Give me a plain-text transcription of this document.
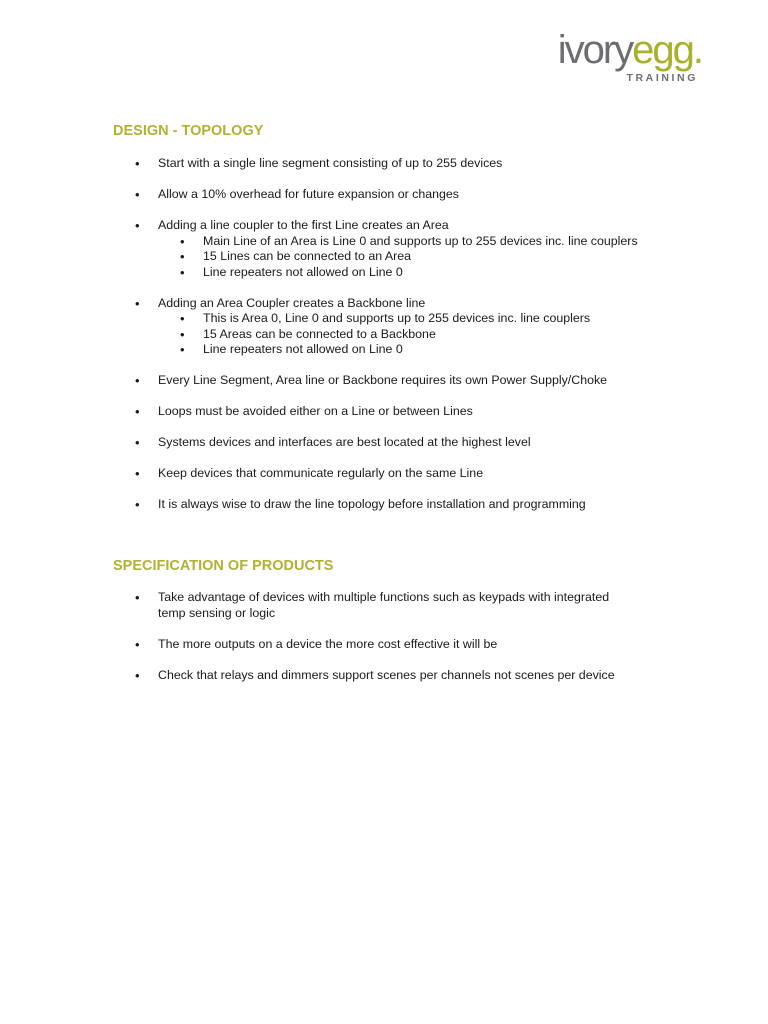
ivoryegg.
TRAINING
DESIGN - TOPOLOGY
• Start with a single line segment consisting of up to 255 devices
• Allow a 10% overhead for future expansion or changes
• Adding a line coupler to the first Line creates an Area
• Main Line of an Area is Line 0 and supports up to 255 devices inc. line couplers
• 15 Lines can be connected to an Area
• Line repeaters not allowed on Line 0
• Adding an Area Coupler creates a Backbone line
• This is Area 0, Line 0 and supports up to 255 devices inc. line couplers
• 15 Areas can be connected to a Backbone
• Line repeaters not allowed on Line 0
• Every Line Segment, Area line or Backbone requires its own Power Supply/Choke
• Loops must be avoided either on a Line or between Lines
• Systems devices and interfaces are best located at the highest level
• Keep devices that communicate regularly on the same Line
• It is always wise to draw the line topology before installation and programming
SPECIFICATION OF PRODUCTS
• Take advantage of devices with multiple functions such as keypads with integrated temp sensing or logic
• The more outputs on a device the more cost effective it will be
• Check that relays and dimmers support scenes per channels not scenes per device
